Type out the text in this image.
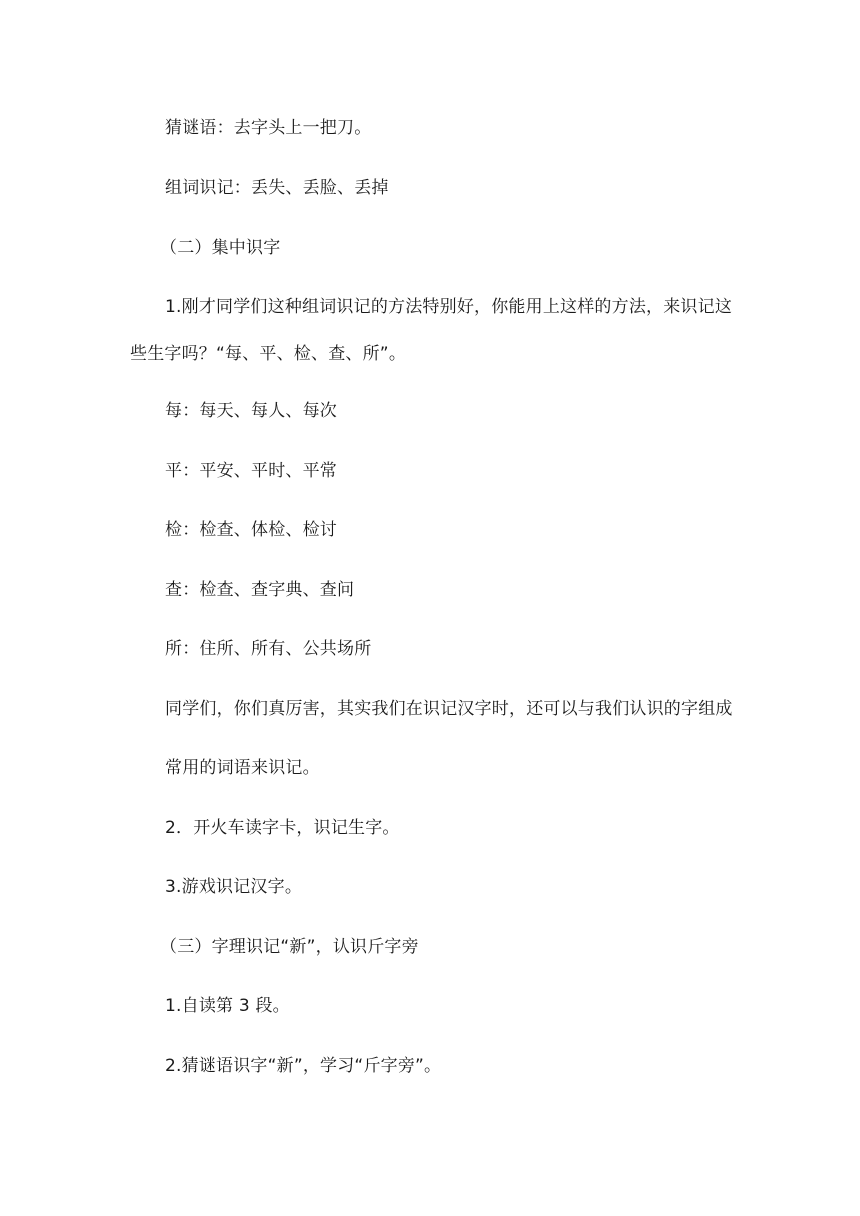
猜谜语：去字头上一把刀。
组词识记：丢失、丢脸、丢掉
（二）集中识字
1.刚才同学们这种组词识记的方法特别好，你能用上这样的方法，来识记这
些生字吗？“每、平、检、查、所”。
每：每天、每人、每次
平：平安、平时、平常
检：检查、体检、检讨
查：检查、查字典、查问
所：住所、所有、公共场所
同学们，你们真厉害，其实我们在识记汉字时，还可以与我们认识的字组成
常用的词语来识记。
2．开火车读字卡，识记生字。
3.游戏识记汉字。
（三）字理识记“新”，认识斤字旁
1.自读第 3 段。
2.猜谜语识字“新”，学习“斤字旁”。
